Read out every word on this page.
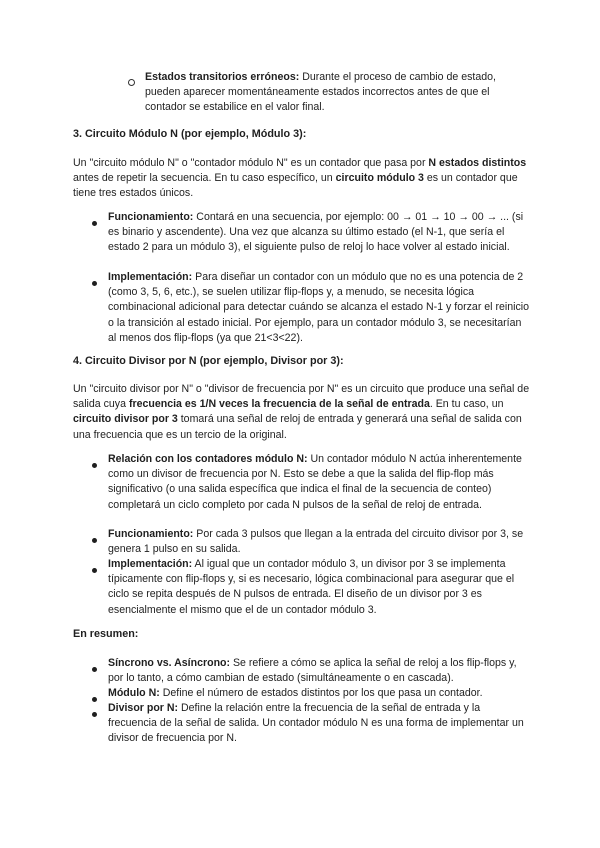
Estados transitorios erróneos: Durante el proceso de cambio de estado, pueden aparecer momentáneamente estados incorrectos antes de que el contador se estabilice en el valor final.

3. Circuito Módulo N (por ejemplo, Módulo 3):

Un "circuito módulo N" o "contador módulo N" es un contador que pasa por N estados distintos antes de repetir la secuencia. En tu caso específico, un circuito módulo 3 es un contador que tiene tres estados únicos.

Funcionamiento: Contará en una secuencia, por ejemplo: 00 → 01 → 10 → 00 → ... (si es binario y ascendente). Una vez que alcanza su último estado (el N-1, que sería el estado 2 para un módulo 3), el siguiente pulso de reloj lo hace volver al estado inicial.

Implementación: Para diseñar un contador con un módulo que no es una potencia de 2 (como 3, 5, 6, etc.), se suelen utilizar flip-flops y, a menudo, se necesita lógica combinacional adicional para detectar cuándo se alcanza el estado N-1 y forzar el reinicio o la transición al estado inicial. Por ejemplo, para un contador módulo 3, se necesitarían al menos dos flip-flops (ya que 21<3<22).

4. Circuito Divisor por N (por ejemplo, Divisor por 3):

Un "circuito divisor por N" o "divisor de frecuencia por N" es un circuito que produce una señal de salida cuya frecuencia es 1/N veces la frecuencia de la señal de entrada. En tu caso, un circuito divisor por 3 tomará una señal de reloj de entrada y generará una señal de salida con una frecuencia que es un tercio de la original.

Relación con los contadores módulo N: Un contador módulo N actúa inherentemente como un divisor de frecuencia por N. Esto se debe a que la salida del flip-flop más significativo (o una salida específica que indica el final de la secuencia de conteo) completará un ciclo completo por cada N pulsos de la señal de reloj de entrada.

Funcionamiento: Por cada 3 pulsos que llegan a la entrada del circuito divisor por 3, se genera 1 pulso en su salida.

Implementación: Al igual que un contador módulo 3, un divisor por 3 se implementa típicamente con flip-flops y, si es necesario, lógica combinacional para asegurar que el ciclo se repita después de N pulsos de entrada. El diseño de un divisor por 3 es esencialmente el mismo que el de un contador módulo 3.

En resumen:

Síncrono vs. Asíncrono: Se refiere a cómo se aplica la señal de reloj a los flip-flops y, por lo tanto, a cómo cambian de estado (simultáneamente o en cascada).

Módulo N: Define el número de estados distintos por los que pasa un contador.

Divisor por N: Define la relación entre la frecuencia de la señal de entrada y la frecuencia de la señal de salida. Un contador módulo N es una forma de implementar un divisor de frecuencia por N.
